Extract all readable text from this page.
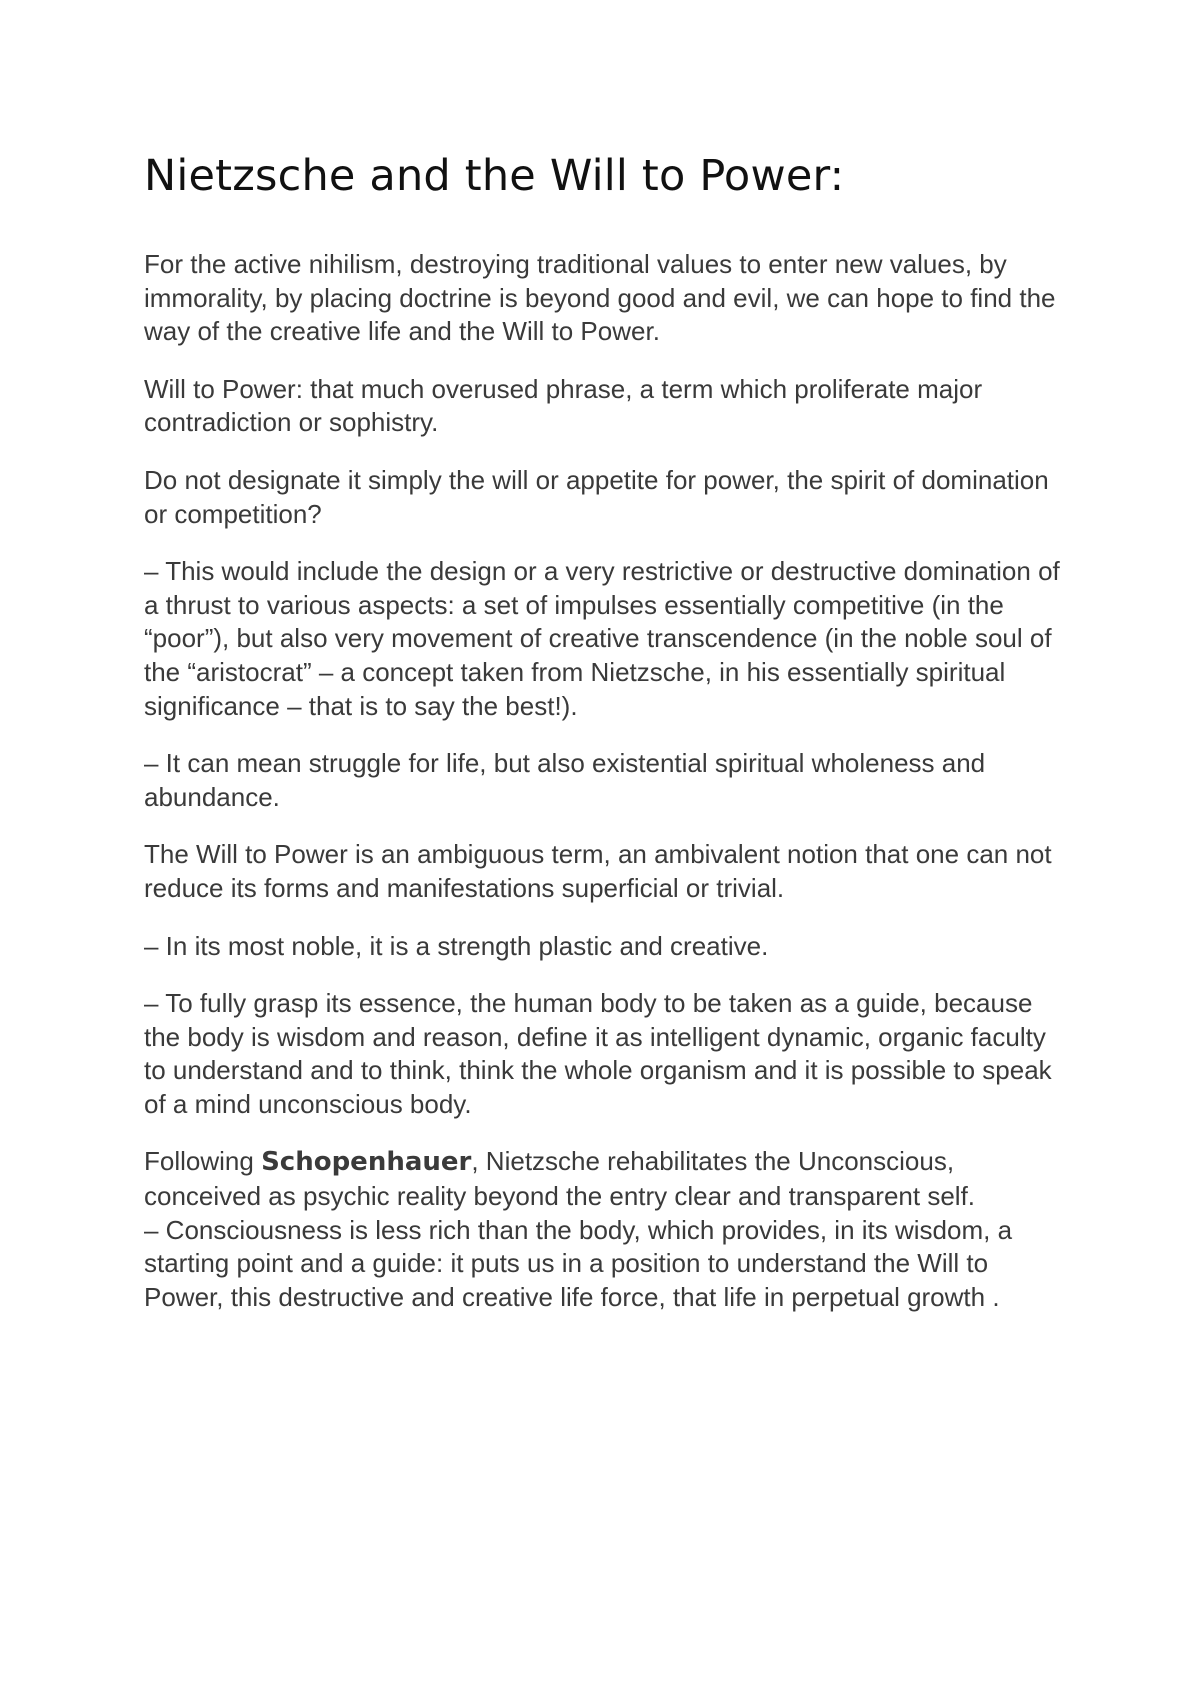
Nietzsche and the Will to Power:

For the active nihilism, destroying traditional values to enter new values, by immorality, by placing doctrine is beyond good and evil, we can hope to find the way of the creative life and the Will to Power.

Will to Power: that much overused phrase, a term which proliferate major contradiction or sophistry.

Do not designate it simply the will or appetite for power, the spirit of domination or competition?

– This would include the design or a very restrictive or destructive domination of a thrust to various aspects: a set of impulses essentially competitive (in the “poor”), but also very movement of creative transcendence (in the noble soul of the “aristocrat” – a concept taken from Nietzsche, in his essentially spiritual significance – that is to say the best!).

– It can mean struggle for life, but also existential spiritual wholeness and abundance.

The Will to Power is an ambiguous term, an ambivalent notion that one can not reduce its forms and manifestations superficial or trivial.

– In its most noble, it is a strength plastic and creative.

– To fully grasp its essence, the human body to be taken as a guide, because the body is wisdom and reason, define it as intelligent dynamic, organic faculty to understand and to think, think the whole organism and it is possible to speak of a mind unconscious body.

Following Schopenhauer, Nietzsche rehabilitates the Unconscious, conceived as psychic reality beyond the entry clear and transparent self.

– Consciousness is less rich than the body, which provides, in its wisdom, a starting point and a guide: it puts us in a position to understand the Will to Power, this destructive and creative life force, that life in perpetual growth .
